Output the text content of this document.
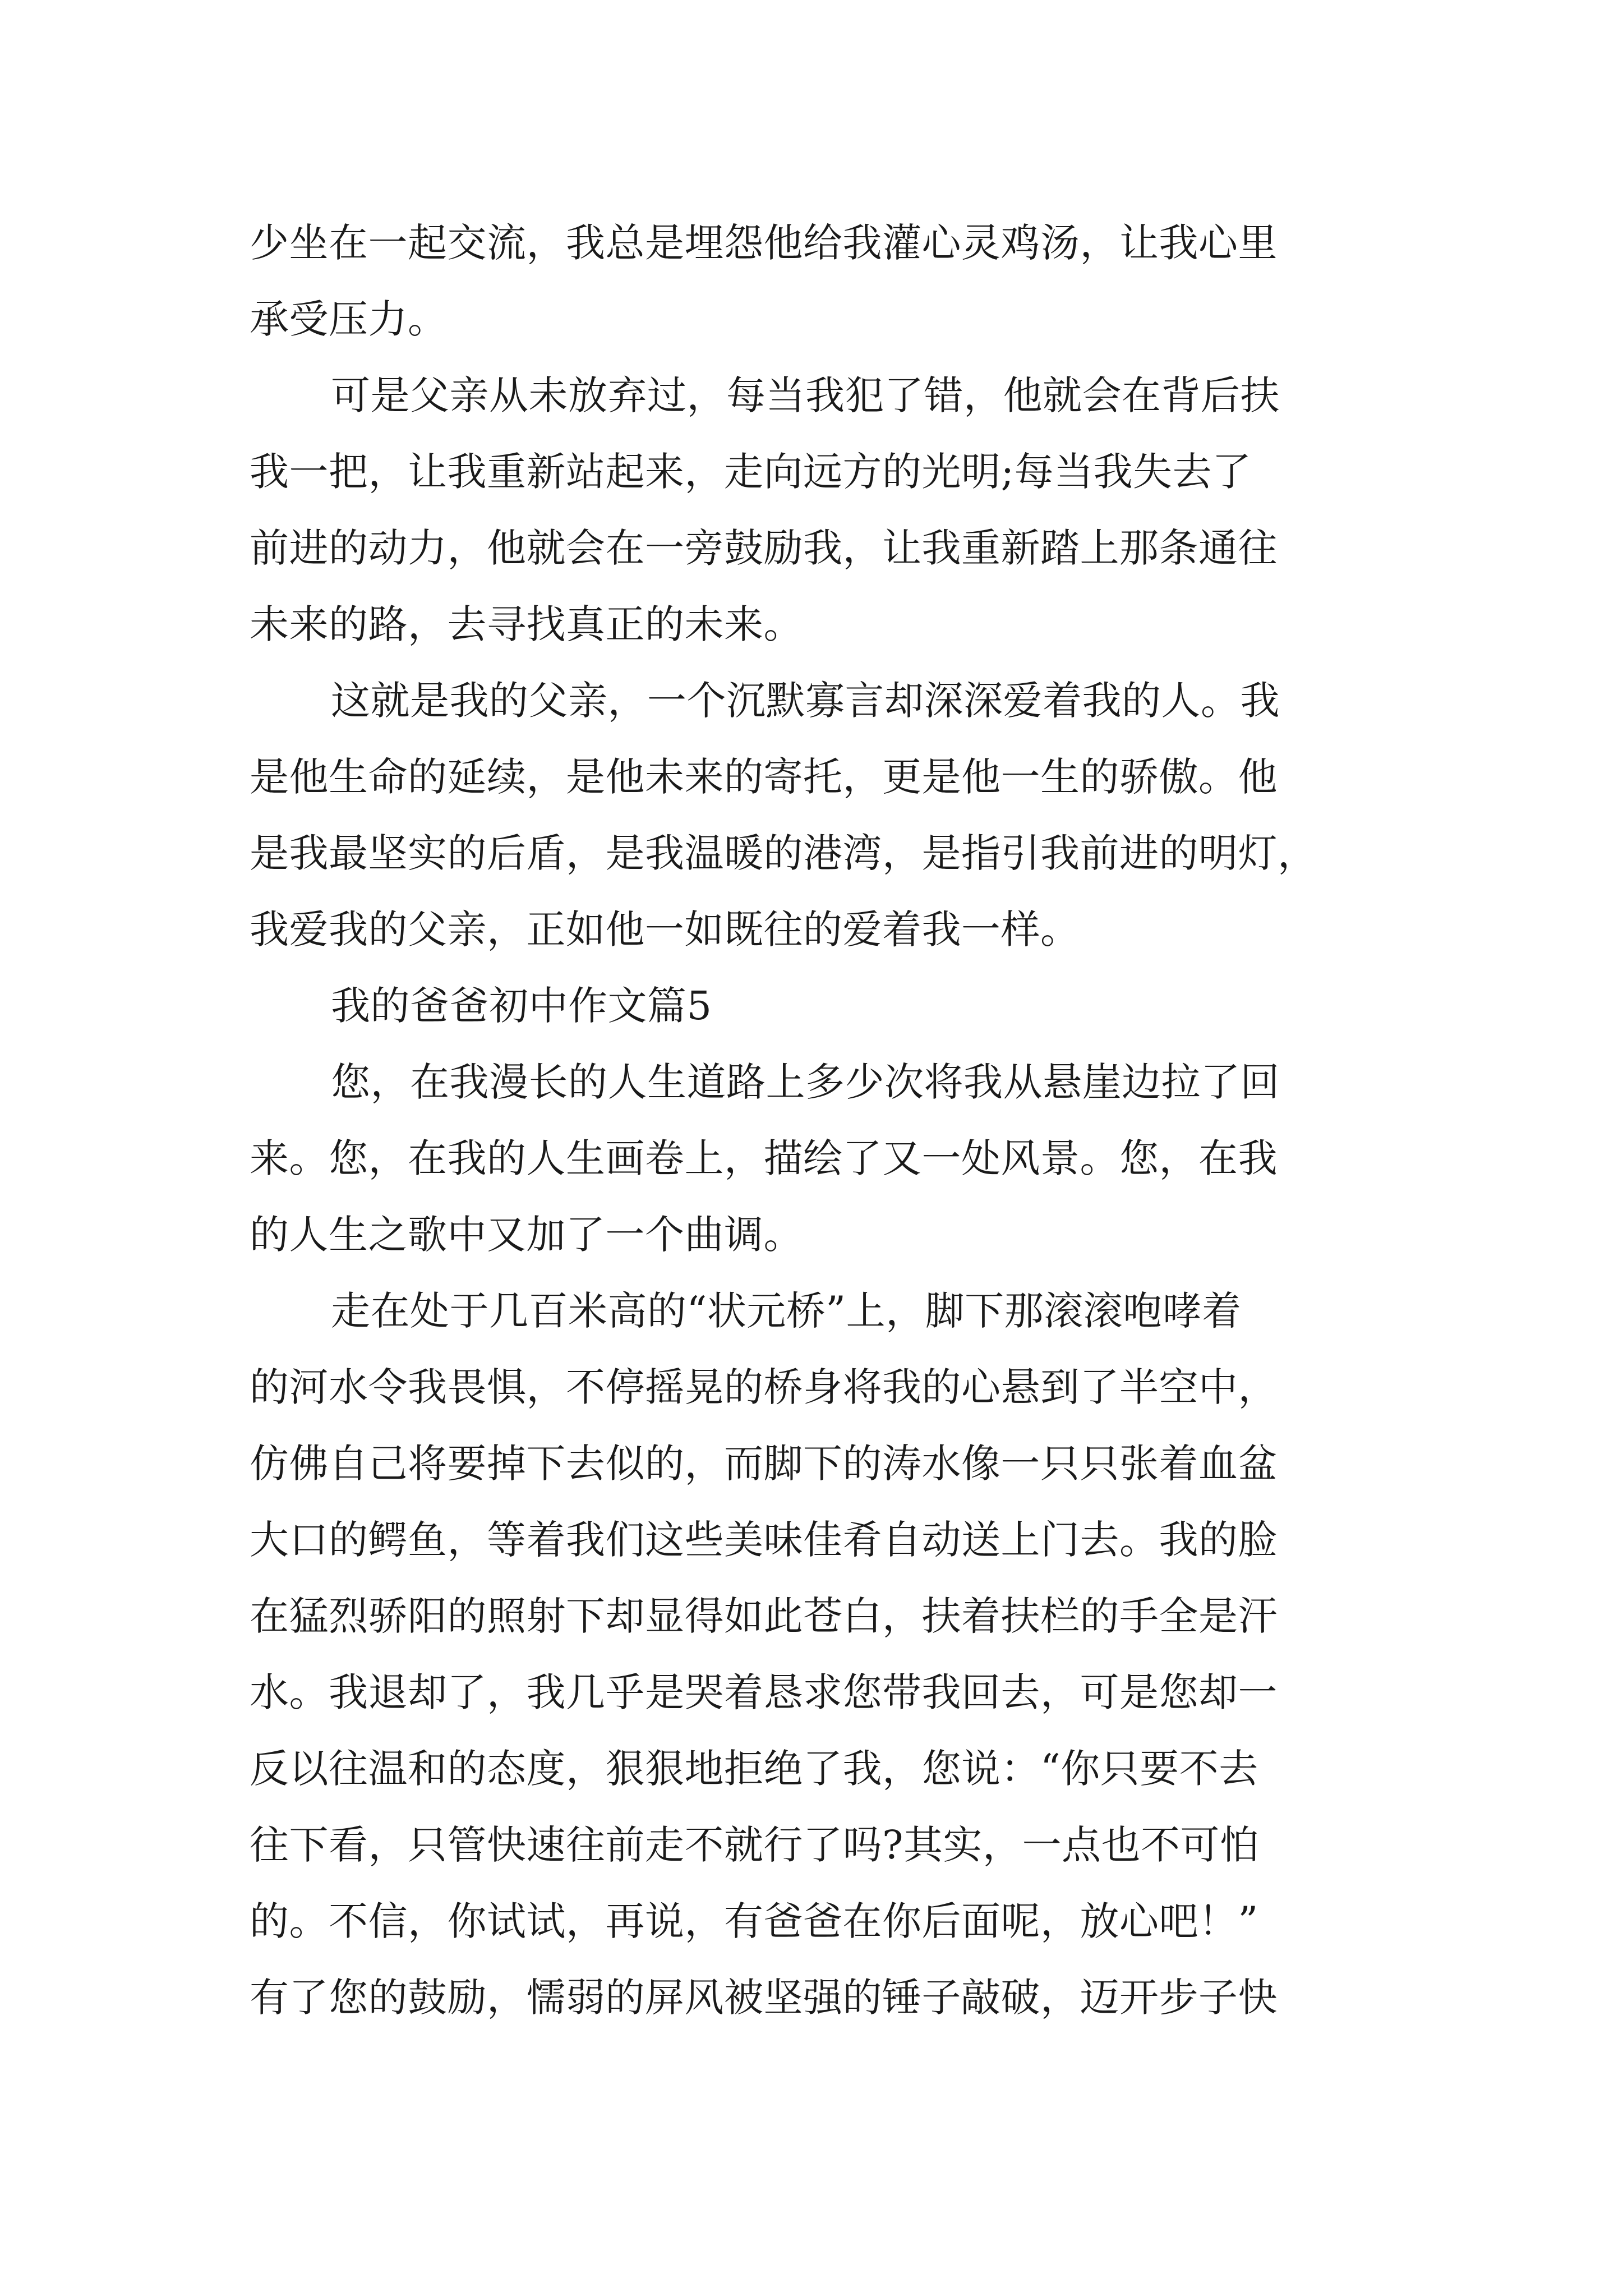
少坐在一起交流，我总是埋怨他给我灌心灵鸡汤，让我心里

承受压力。

可是父亲从未放弃过，每当我犯了错，他就会在背后扶

我一把，让我重新站起来，走向远方的光明;每当我失去了

前进的动力，他就会在一旁鼓励我，让我重新踏上那条通往

未来的路，去寻找真正的未来。

这就是我的父亲，一个沉默寡言却深深爱着我的人。我

是他生命的延续，是他未来的寄托，更是他一生的骄傲。他

是我最坚实的后盾，是我温暖的港湾，是指引我前进的明灯，

我爱我的父亲，正如他一如既往的爱着我一样。

我的爸爸初中作文篇5

您，在我漫长的人生道路上多少次将我从悬崖边拉了回

来。您，在我的人生画卷上，描绘了又一处风景。您，在我

的人生之歌中又加了一个曲调。

走在处于几百米高的“状元桥”上，脚下那滚滚咆哮着

的河水令我畏惧，不停摇晃的桥身将我的心悬到了半空中，

仿佛自己将要掉下去似的，而脚下的涛水像一只只张着血盆

大口的鳄鱼，等着我们这些美味佳肴自动送上门去。我的脸

在猛烈骄阳的照射下却显得如此苍白，扶着扶栏的手全是汗

水。我退却了，我几乎是哭着恳求您带我回去，可是您却一

反以往温和的态度，狠狠地拒绝了我，您说：“你只要不去

往下看，只管快速往前走不就行了吗?其实，一点也不可怕

的。不信，你试试，再说，有爸爸在你后面呢，放心吧！”

有了您的鼓励，懦弱的屏风被坚强的锤子敲破，迈开步子快
